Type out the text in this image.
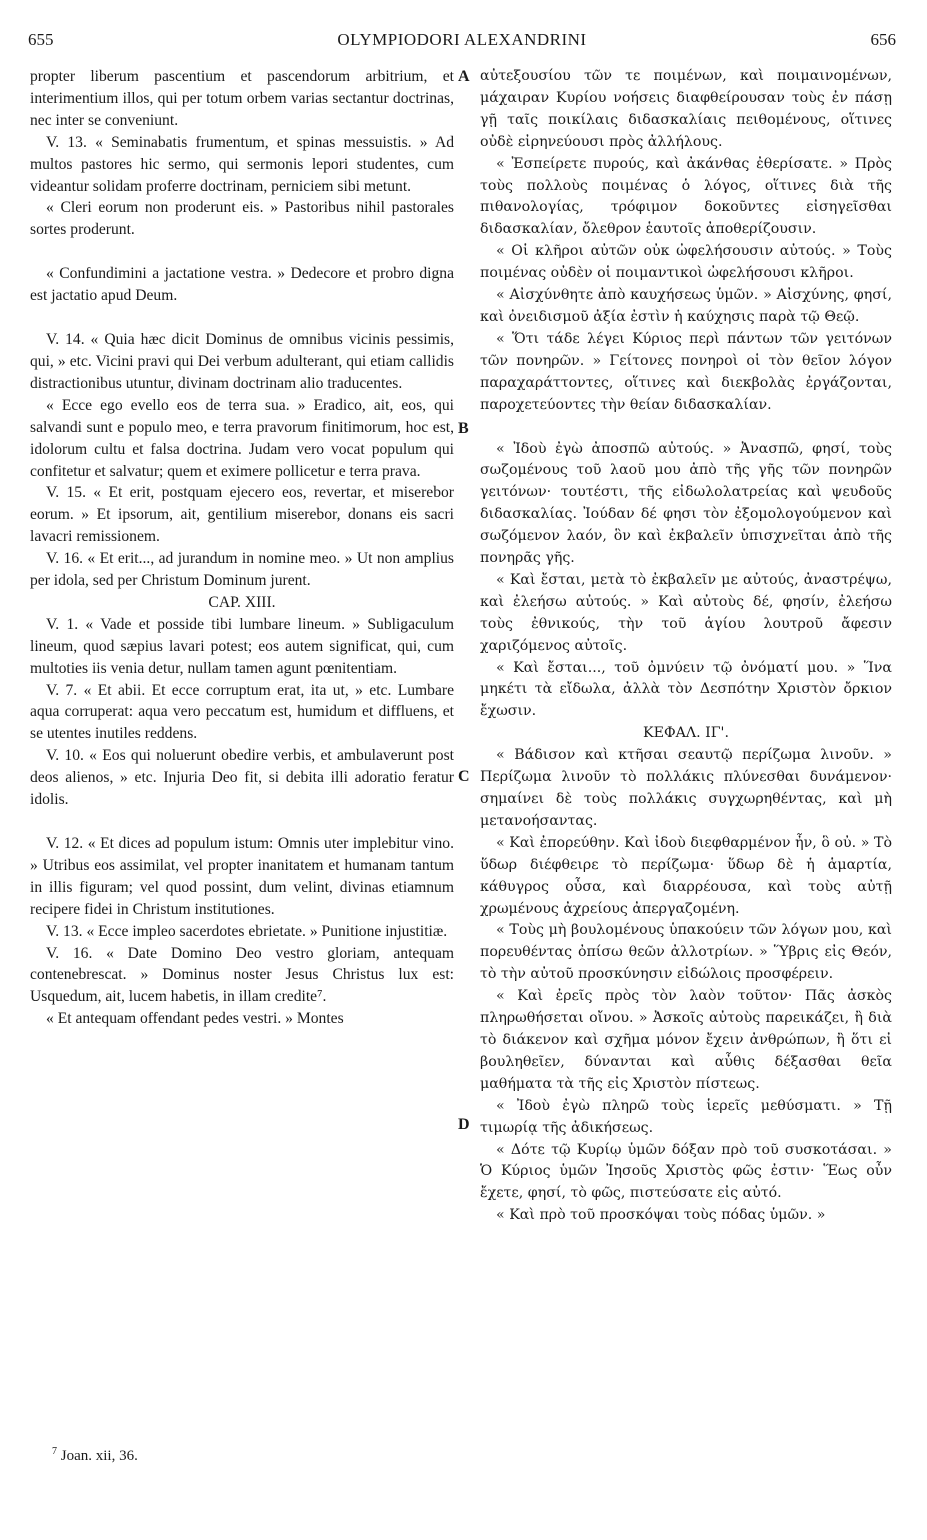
655	OLYMPIODORI ALEXANDRINI	656

propter liberum pascentium et pascendorum arbitrium, et interimentium illos, qui per totum orbem varias sectantur doctrinas, nec inter se conveniunt.

V. 13. « Seminabatis frumentum, et spinas messuistis. » Ad multos pastores hic sermo, qui sermonis lepori studentes, cum videantur solidam proferre doctrinam, perniciem sibi metunt.

« Cleri eorum non proderunt eis. » Pastoribus nihil pastorales sortes proderunt.

« Confundimini a jactatione vestra. » Dedecore et probro digna est jactatio apud Deum.

V. 14. « Quia hæc dicit Dominus de omnibus vicinis pessimis, qui, » etc. Vicini pravi qui Dei verbum adulterant, qui etiam callidis distractionibus utuntur, divinam doctrinam alio traducentes.

« Ecce ego evello eos de terra sua. » Eradico, ait, eos, qui salvandi sunt e populo meo, e terra pravorum finitimorum, hoc est, idolorum cultu et falsa doctrina. Judam vero vocat populum qui confitetur et salvatur; quem et eximere pollicetur e terra prava.

V. 15. « Et erit, postquam ejecero eos, revertar, et miserebor eorum. » Et ipsorum, ait, gentilium miserebor, donans eis sacri lavacri remissionem.

V. 16. « Et erit..., ad jurandum in nomine meo. » Ut non amplius per idola, sed per Christum Dominum jurent.

CAP. XIII.

V. 1. « Vade et posside tibi lumbare lineum. » Subligaculum lineum, quod sæpius lavari potest; eos autem significat, qui, cum multoties iis venia detur, nullam tamen agunt pœnitentiam.

V. 7. « Et abii. Et ecce corruptum erat, ita ut, » etc. Lumbare aqua corruperat: aqua vero peccatum est, humidum et diffluens, et se utentes inutiles reddens.

V. 10. « Eos qui noluerunt obedire verbis, et ambulaverunt post deos alienos, » etc. Injuria Deo fit, si debita illi adoratio feratur idolis.

V. 12. « Et dices ad populum istum: Omnis uter implebitur vino. » Utribus eos assimilat, vel propter inanitatem et humanam tantum in illis figuram; vel quod possint, dum velint, divinas etiamnum recipere fidei in Christum institutiones.

V. 13. « Ecce impleo sacerdotes ebrietate. » Punitione injustitiæ.

V. 16. « Date Domino Deo vestro gloriam, antequam contenebrescat. » Dominus noster Jesus Christus lux est: Usquedum, ait, lucem habetis, in illam credite⁷.

« Et antequam offendant pedes vestri. » Montes

A
B
C
D

αὐτεξουσίου τῶν τε ποιμένων, καὶ ποιμαινομένων, μάχαιραν Κυρίου νοήσεις διαφθείρουσαν τοὺς ἐν πάσῃ γῇ ταῖς ποικίλαις διδασκαλίαις πειθομένους, οἵτινες οὐδὲ εἰρηνεύουσι πρὸς ἀλλήλους.

« Ἐσπείρετε πυρούς, καὶ ἀκάνθας ἐθερίσατε. » Πρὸς τοὺς πολλοὺς ποιμένας ὁ λόγος, οἵτινες διὰ τῆς πιθανολογίας, τρόφιμον δοκοῦντες εἰσηγεῖσθαι διδασκαλίαν, ὄλεθρον ἑαυτοῖς ἀποθερίζουσιν.

« Οἱ κλῆροι αὐτῶν οὐκ ὠφελήσουσιν αὐτούς. » Τοὺς ποιμένας οὐδὲν οἱ ποιμαντικοὶ ὠφελήσουσι κλῆροι.

« Αἰσχύνθητε ἀπὸ καυχήσεως ὑμῶν. » Αἰσχύνης, φησί, καὶ ὀνειδισμοῦ ἀξία ἐστὶν ἡ καύχησις παρὰ τῷ Θεῷ.

« Ὅτι τάδε λέγει Κύριος περὶ πάντων τῶν γειτόνων τῶν πονηρῶν. » Γείτονες πονηροὶ οἱ τὸν θεῖον λόγον παραχαράττοντες, οἵτινες καὶ διεκβολὰς ἐργάζονται, παροχετεύοντες τὴν θείαν διδασκαλίαν.

« Ἰδοὺ ἐγὼ ἀποσπῶ αὐτούς. » Ἀνασπῶ, φησί, τοὺς σωζομένους τοῦ λαοῦ μου ἀπὸ τῆς γῆς τῶν πονηρῶν γειτόνων· τουτέστι, τῆς εἰδωλολατρείας καὶ ψευδοῦς διδασκαλίας. Ἰούδαν δέ φησι τὸν ἐξομολογούμενον καὶ σωζόμενον λαόν, ὃν καὶ ἐκβαλεῖν ὑπισχνεῖται ἀπὸ τῆς πονηρᾶς γῆς.

« Καὶ ἔσται, μετὰ τὸ ἐκβαλεῖν με αὐτούς, ἀναστρέψω, καὶ ἐλεήσω αὐτούς. » Καὶ αὐτοὺς δέ, φησίν, ἐλεήσω τοὺς ἐθνικούς, τὴν τοῦ ἁγίου λουτροῦ ἄφεσιν χαριζόμενος αὐτοῖς.

« Καὶ ἔσται..., τοῦ ὀμνύειν τῷ ὀνόματί μου. » Ἵνα μηκέτι τὰ εἴδωλα, ἀλλὰ τὸν Δεσπότην Χριστὸν ὄρκιον ἔχωσιν.

ΚΕΦΑΛ. ΙΓ'.

« Βάδισον καὶ κτῆσαι σεαυτῷ περίζωμα λινοῦν. » Περίζωμα λινοῦν τὸ πολλάκις πλύνεσθαι δυνάμενον· σημαίνει δὲ τοὺς πολλάκις συγχωρηθέντας, καὶ μὴ μετανοήσαντας.

« Καὶ ἐπορεύθην. Καὶ ἰδοὺ διεφθαρμένον ἦν, ὃ οὐ. » Τὸ ὕδωρ διέφθειρε τὸ περίζωμα· ὕδωρ δὲ ἡ ἁμαρτία, κάθυγρος οὖσα, καὶ διαρρέουσα, καὶ τοὺς αὐτῇ χρωμένους ἀχρείους ἀπεργαζομένη.

« Τοὺς μὴ βουλομένους ὑπακούειν τῶν λόγων μου, καὶ πορευθέντας ὀπίσω θεῶν ἀλλοτρίων. » Ὕβρις εἰς Θεόν, τὸ τὴν αὐτοῦ προσκύνησιν εἰδώλοις προσφέρειν.

« Καὶ ἐρεῖς πρὸς τὸν λαὸν τοῦτον· Πᾶς ἀσκὸς πληρωθήσεται οἴνου. » Ἀσκοῖς αὐτοὺς παρεικάζει, ἢ διὰ τὸ διάκενον καὶ σχῆμα μόνον ἔχειν ἀνθρώπων, ἢ ὅτι εἰ βουληθεῖεν, δύνανται καὶ αὖθις δέξασθαι θεῖα μαθήματα τὰ τῆς εἰς Χριστὸν πίστεως.

« Ἰδοὺ ἐγὼ πληρῶ τοὺς ἱερεῖς μεθύσματι. » Τῇ τιμωρίᾳ τῆς ἀδικήσεως.

« Δότε τῷ Κυρίῳ ὑμῶν δόξαν πρὸ τοῦ συσκοτάσαι. » Ὁ Κύριος ὑμῶν Ἰησοῦς Χριστὸς φῶς ἐστιν· Ἕως οὖν ἔχετε, φησί, τὸ φῶς, πιστεύσατε εἰς αὐτό.

« Καὶ πρὸ τοῦ προσκόψαι τοὺς πόδας ὑμῶν. »

$^7$ Joan. xii, 36.
